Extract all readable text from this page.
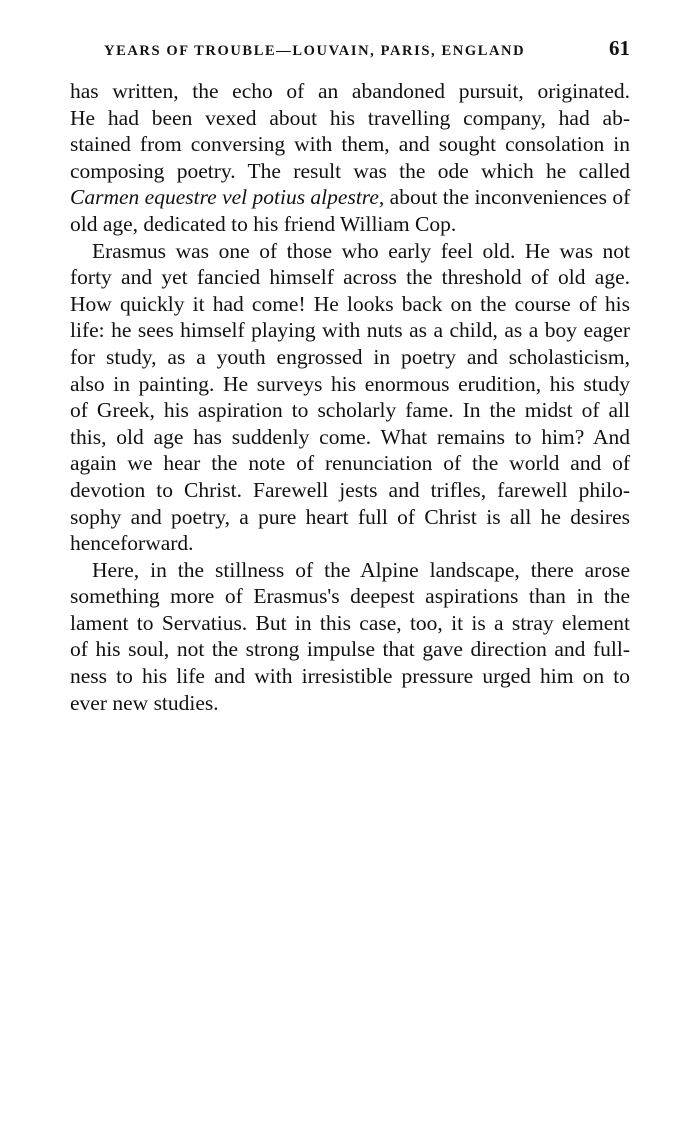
YEARS OF TROUBLE—LOUVAIN, PARIS, ENGLAND	61
has written, the echo of an abandoned pursuit, originated.
He had been vexed about his travelling company, had ab-
stained from conversing with them, and sought consolation in
composing poetry. The result was the ode which he called
Carmen equestre vel potius alpestre, about the inconveniences of
old age, dedicated to his friend William Cop.
Erasmus was one of those who early feel old. He was not
forty and yet fancied himself across the threshold of old age.
How quickly it had come! He looks back on the course of his
life: he sees himself playing with nuts as a child, as a boy eager
for study, as a youth engrossed in poetry and scholasticism,
also in painting. He surveys his enormous erudition, his study
of Greek, his aspiration to scholarly fame. In the midst of all
this, old age has suddenly come. What remains to him? And
again we hear the note of renunciation of the world and of
devotion to Christ. Farewell jests and trifles, farewell philo-
sophy and poetry, a pure heart full of Christ is all he desires
henceforward.
Here, in the stillness of the Alpine landscape, there arose
something more of Erasmus's deepest aspirations than in the
lament to Servatius. But in this case, too, it is a stray element
of his soul, not the strong impulse that gave direction and full-
ness to his life and with irresistible pressure urged him on to
ever new studies.
